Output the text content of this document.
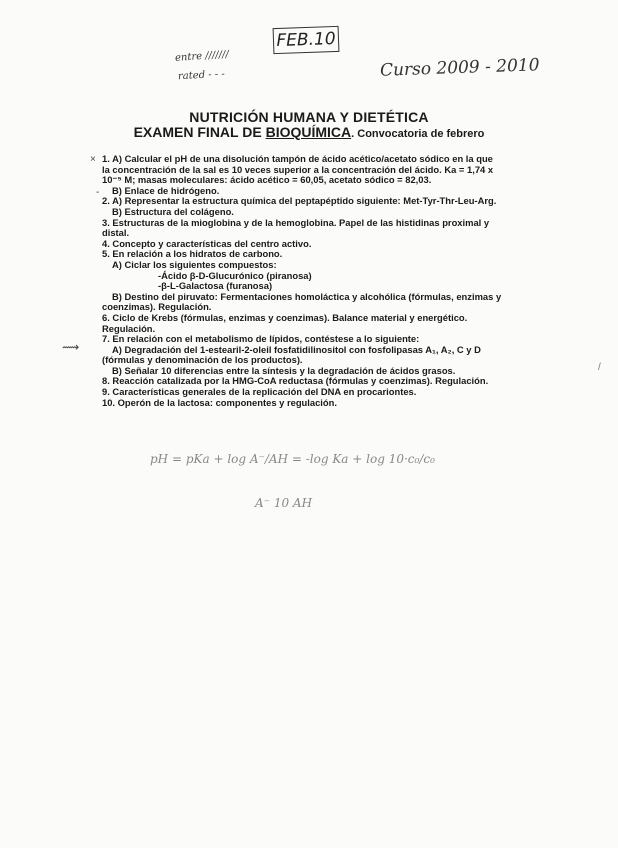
FEB.10
entre ///////
rated - - -	Curso 2009 - 2010
NUTRICIÓN HUMANA Y DIETÉTICA
EXAMEN FINAL DE BIOQUÍMICA. Convocatoria de febrero
×
-
⟿
1. A) Calcular el pH de una disolución tampón de ácido acético/acetato sódico en la que
la concentración de la sal es 10 veces superior a la concentración del ácido. Ka = 1,74 x
10⁻⁵ M; masas moleculares: ácido acético = 60,05, acetato sódico = 82,03.
B) Enlace de hidrógeno.
2. A) Representar la estructura química del peptapéptido siguiente: Met-Tyr-Thr-Leu-Arg.
B) Estructura del colágeno.
3. Estructuras de la mioglobina y de la hemoglobina. Papel de las histidinas proximal y
distal.
4. Concepto y características del centro activo.
5. En relación a los hidratos de carbono.
A) Ciclar los siguientes compuestos:
-Ácido β-D-Glucurónico (piranosa)
-β-L-Galactosa (furanosa)
B) Destino del piruvato: Fermentaciones homoláctica y alcohólica (fórmulas, enzimas y
coenzimas). Regulación.
6. Ciclo de Krebs (fórmulas, enzimas y coenzimas). Balance material y energético.
Regulación.
7. En relación con el metabolismo de lípidos, contéstese a lo siguiente:
A) Degradación del 1-estearil-2-oleil fosfatidilinositol con fosfolipasas A₁, A₂, C y D
(fórmulas y denominación de los productos).
B) Señalar 10 diferencias entre la síntesis y la degradación de ácidos grasos.
8. Reacción catalizada por la HMG-CoA reductasa (fórmulas y coenzimas). Regulación.
9. Características generales de la replicación del DNA en procariontes.
10. Operón de la lactosa: componentes y regulación.
pH = pKa + log A⁻/AH = -log Ka + log 10·c₀/c₀
A⁻ 10 AH
/
